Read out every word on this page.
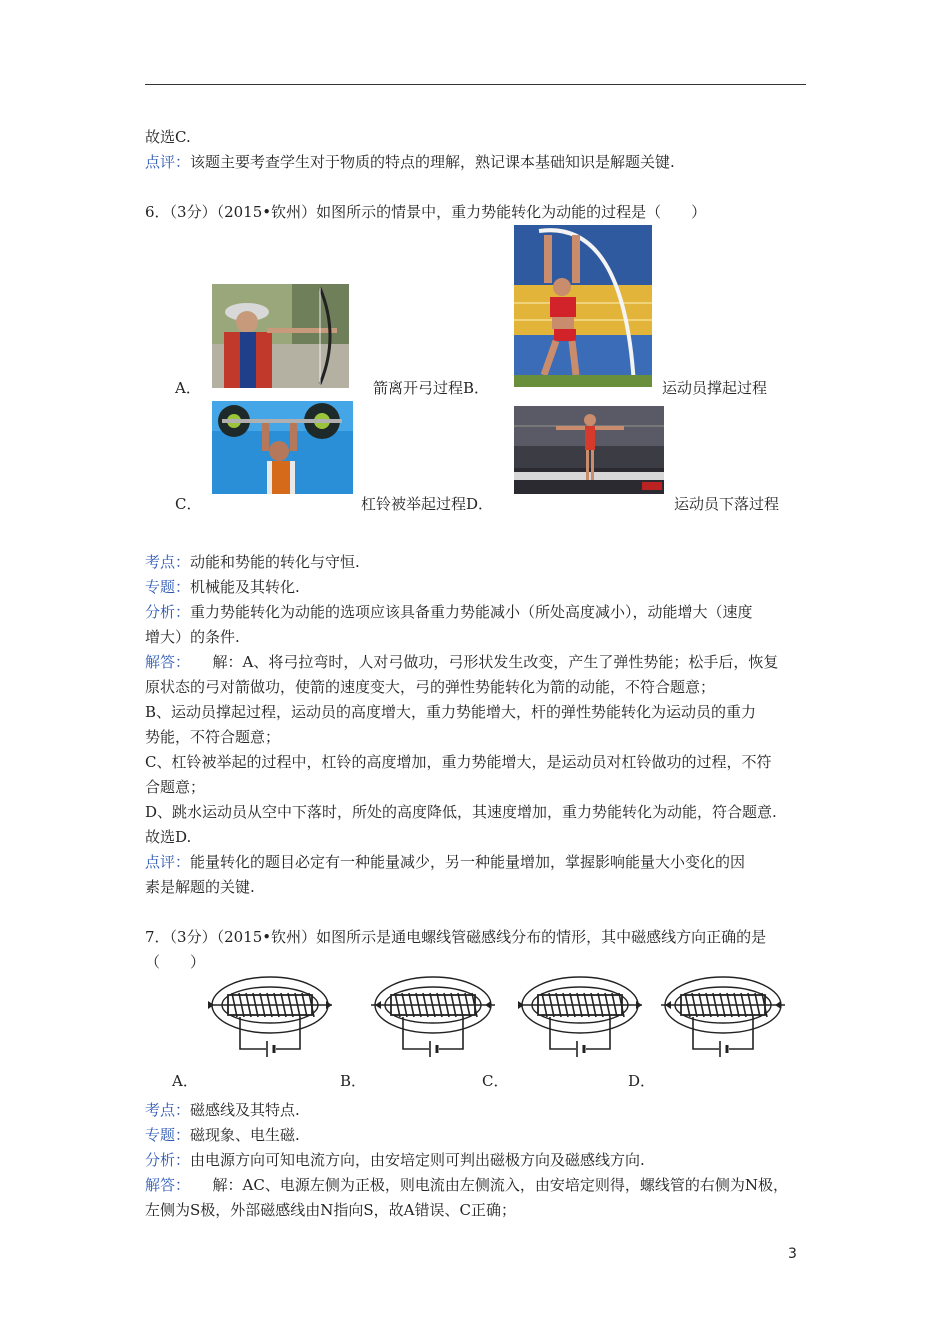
故选C.
点评：该题主要考查学生对于物质的特点的理解，熟记课本基础知识是解题关键.
6．（3分）（2015•钦州）如图所示的情景中，重力势能转化为动能的过程是（　　）
A．	箭离开弓过程B．	运动员撑起过程
C．	杠铃被举起过程D．	运动员下落过程
考点：动能和势能的转化与守恒.
专题：机械能及其转化.
分析：重力势能转化为动能的选项应该具备重力势能减小（所处高度减小），动能增大（速度
增大）的条件.
解答：　　解：A、将弓拉弯时，人对弓做功，弓形状发生改变，产生了弹性势能；松手后，恢复
原状态的弓对箭做功，使箭的速度变大，弓的弹性势能转化为箭的动能，不符合题意；
B、运动员撑起过程，运动员的高度增大，重力势能增大，杆的弹性势能转化为运动员的重力
势能，不符合题意；
C、杠铃被举起的过程中，杠铃的高度增加，重力势能增大，是运动员对杠铃做功的过程，不符
合题意；
D、跳水运动员从空中下落时，所处的高度降低，其速度增加，重力势能转化为动能，符合题意.
故选D.
点评：能量转化的题目必定有一种能量减少，另一种能量增加，掌握影响能量大小变化的因
素是解题的关键.
7．（3分）（2015•钦州）如图所示是通电螺线管磁感线分布的情形，其中磁感线方向正确的是
（　　）
A．	B．	C．	D．
考点：磁感线及其特点.
专题：磁现象、电生磁.
分析：由电源方向可知电流方向，由安培定则可判出磁极方向及磁感线方向.
解答：　　解：AC、电源左侧为正极，则电流由左侧流入，由安培定则得，螺线管的右侧为N极，
左侧为S极，外部磁感线由N指向S，故A错误、C正确；
3
